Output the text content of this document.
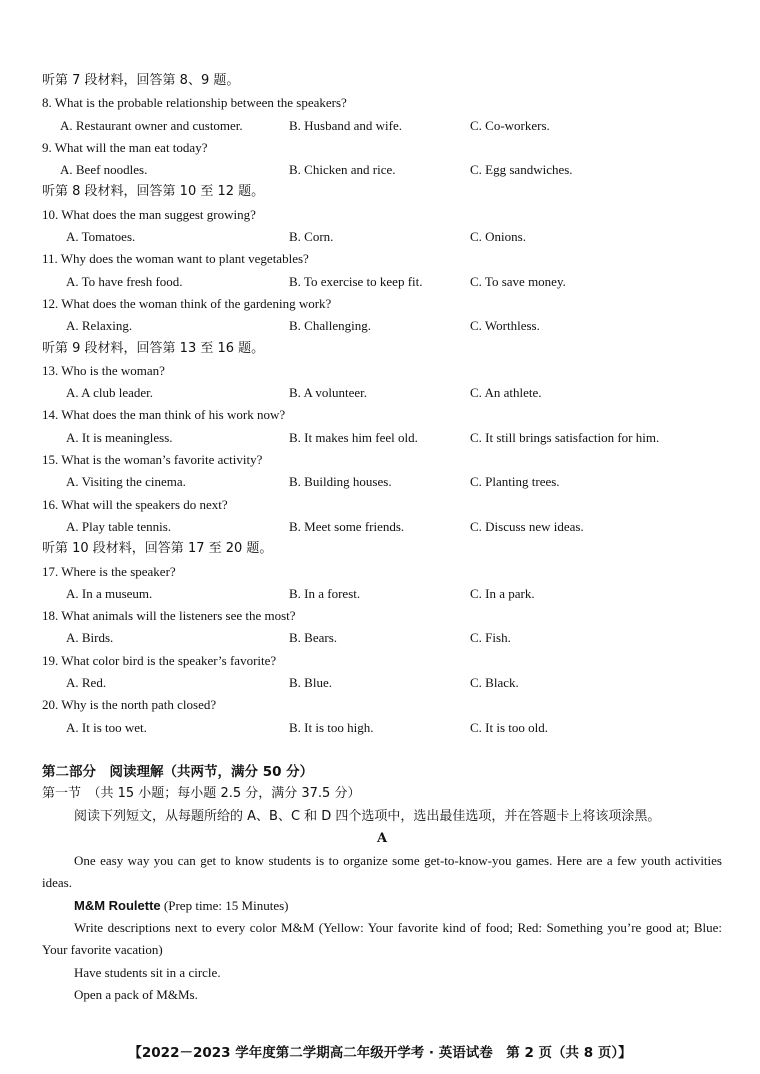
听第 7 段材料，回答第 8、9 题。
8. What is the probable relationship between the speakers?
A. Restaurant owner and customer.	B. Husband and wife.	C. Co-workers.
9. What will the man eat today?
A. Beef noodles.	B. Chicken and rice.	C. Egg sandwiches.
听第 8 段材料，回答第 10 至 12 题。
10. What does the man suggest growing?
A. Tomatoes.	B. Corn.	C. Onions.
11. Why does the woman want to plant vegetables?
A. To have fresh food.	B. To exercise to keep fit.	C. To save money.
12. What does the woman think of the gardening work?
A. Relaxing.	B. Challenging.	C. Worthless.
听第 9 段材料，回答第 13 至 16 题。
13. Who is the woman?
A. A club leader.	B. A volunteer.	C. An athlete.
14. What does the man think of his work now?
A. It is meaningless.	B. It makes him feel old.	C. It still brings satisfaction for him.
15. What is the woman’s favorite activity?
A. Visiting the cinema.	B. Building houses.	C. Planting trees.
16. What will the speakers do next?
A. Play table tennis.	B. Meet some friends.	C. Discuss new ideas.
听第 10 段材料，回答第 17 至 20 题。
17. Where is the speaker?
A. In a museum.	B. In a forest.	C. In a park.
18. What animals will the listeners see the most?
A. Birds.	B. Bears.	C. Fish.
19. What color bird is the speaker’s favorite?
A. Red.	B. Blue.	C. Black.
20. Why is the north path closed?
A. It is too wet.	B. It is too high.	C. It is too old.
第二部分　阅读理解（共两节，满分 50 分）
第一节　（共 15 小题；每小题 2.5 分，满分 37.5 分）
阅读下列短文，从每题所给的 A、B、C 和 D 四个选项中，选出最佳选项，并在答题卡上将该项涂黑。
A

One easy way you can get to know students is to organize some get-to-know-you games. Here are a few youth activities ideas.

M&M Roulette (Prep time: 15 Minutes)

Write descriptions next to every color M&M (Yellow: Your favorite kind of food; Red: Something you’re good at; Blue: Your favorite vacation)

Have students sit in a circle.
Open a pack of M&Ms.
【2022－2023 学年度第二学期高二年级开学考 · 英语试卷　第 2 页（共 8 页）】
